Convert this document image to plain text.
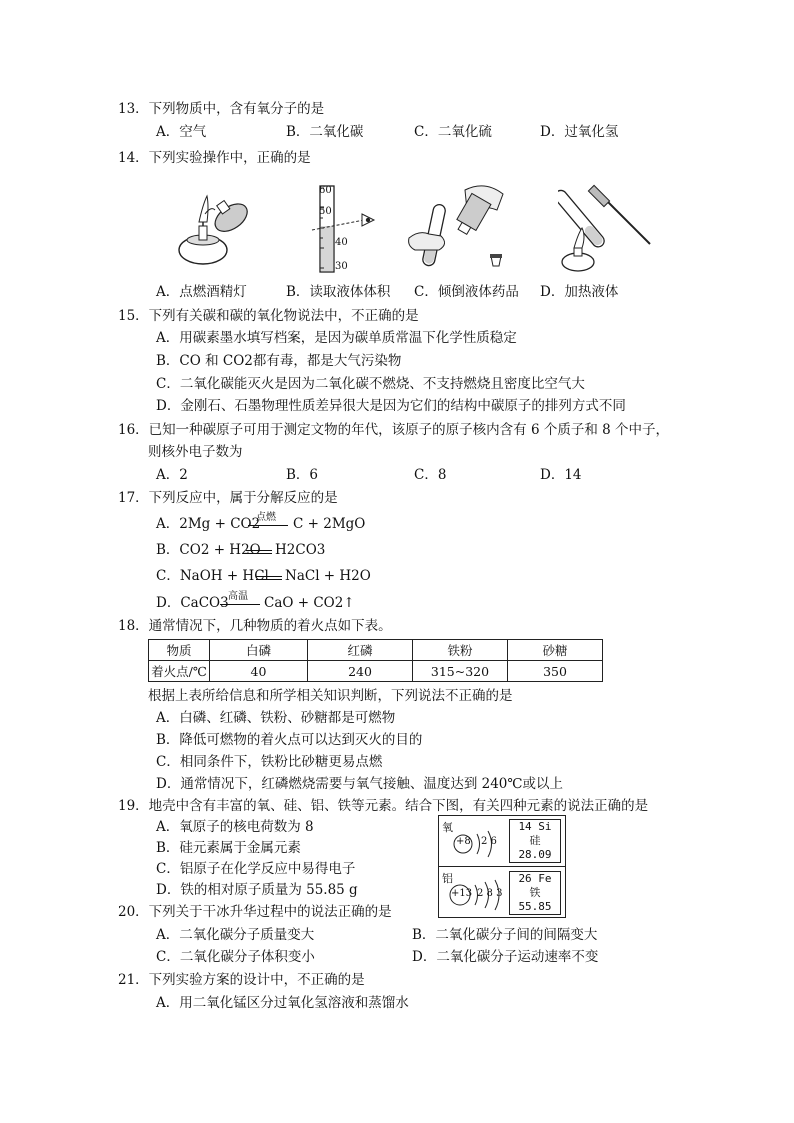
13．下列物质中，含有氧分子的是
A．空气	B．二氧化碳	C．二氧化硫	D．过氧化氢
14．下列实验操作中，正确的是
60
50
40
30
A．点燃酒精灯	B．读取液体体积 C．倾倒液体药品 D．加热液体
15．下列有关碳和碳的氧化物说法中，不正确的是
A．用碳素墨水填写档案，是因为碳单质常温下化学性质稳定
B．CO 和 CO2都有毒，都是大气污染物
C．二氧化碳能灭火是因为二氧化碳不燃烧、不支持燃烧且密度比空气大
D．金刚石、石墨物理性质差异很大是因为它们的结构中碳原子的排列方式不同
16．已知一种碳原子可用于测定文物的年代，该原子的原子核内含有 6 个质子和 8 个中子，
则核外电子数为
A．2	B．6	C．8	D．14
17．下列反应中，属于分解反应的是
A．2Mg + CO2
点燃 C + 2MgO
B．CO2 + H2O H2CO3
C．NaOH + HCl NaCl + H2O
D．CaCO3 高温 CaO + CO2↑
18．通常情况下，几种物质的着火点如下表。
物质	白磷	红磷	铁粉	砂糖
着火点/℃	40	240	315~320	350
根据上表所给信息和所学相关知识判断，下列说法不正确的是
A．白磷、红磷、铁粉、砂糖都是可燃物
B．降低可燃物的着火点可以达到灭火的目的
C．相同条件下，铁粉比砂糖更易点燃
D．通常情况下，红磷燃烧需要与氧气接触、温度达到 240℃或以上
19．地壳中含有丰富的氧、硅、铝、铁等元素。结合下图，有关四种元素的说法正确的是
A．氧原子的核电荷数为 8
B．硅元素属于金属元素
C．铝原子在化学反应中易得电子
D．铁的相对原子质量为 55.85 g
氧
+8 2 6
14 Si
硅
28.09
铝
+13 2 8 3
26 Fe
铁
55.85
20．下列关于干冰升华过程中的说法正确的是
A．二氧化碳分子质量变大	B．二氧化碳分子间的间隔变大
C．二氧化碳分子体积变小	D．二氧化碳分子运动速率不变
21．下列实验方案的设计中，不正确的是
A．用二氧化锰区分过氧化氢溶液和蒸馏水
